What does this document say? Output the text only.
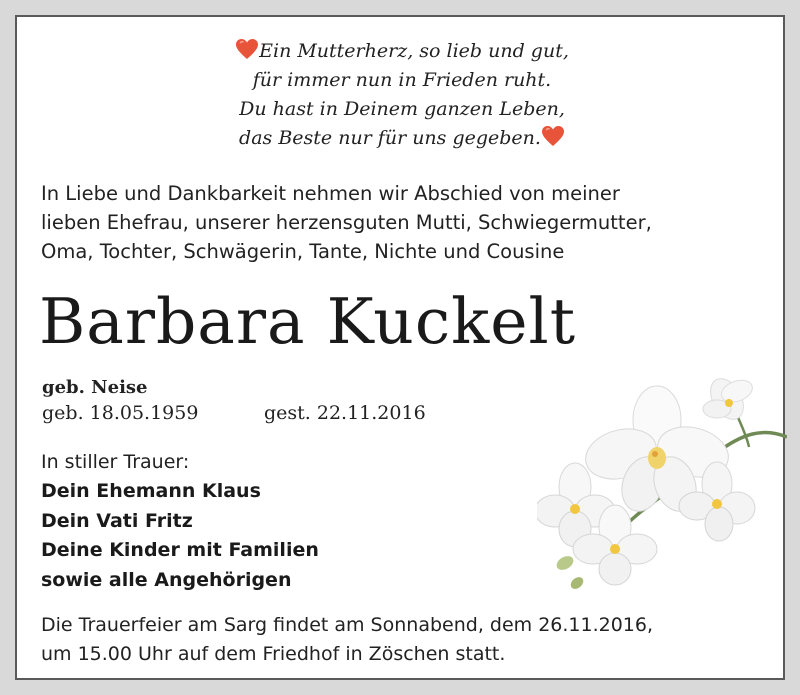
Ein Mutterherz, so lieb und gut,
für immer nun in Frieden ruht.
Du hast in Deinem ganzen Leben,
das Beste nur für uns gegeben.
In Liebe und Dankbarkeit nehmen wir Abschied von meiner
lieben Ehefrau, unserer herzensguten Mutti, Schwiegermutter,
Oma, Tochter, Schwägerin, Tante, Nichte und Cousine
Barbara Kuckelt
geb. Neise
geb. 18.05.1959	gest. 22.11.2016
In stiller Trauer:
Dein Ehemann Klaus
Dein Vati Fritz
Deine Kinder mit Familien
sowie alle Angehörigen
Die Trauerfeier am Sarg findet am Sonnabend, dem 26.11.2016,
um 15.00 Uhr auf dem Friedhof in Zöschen statt.
